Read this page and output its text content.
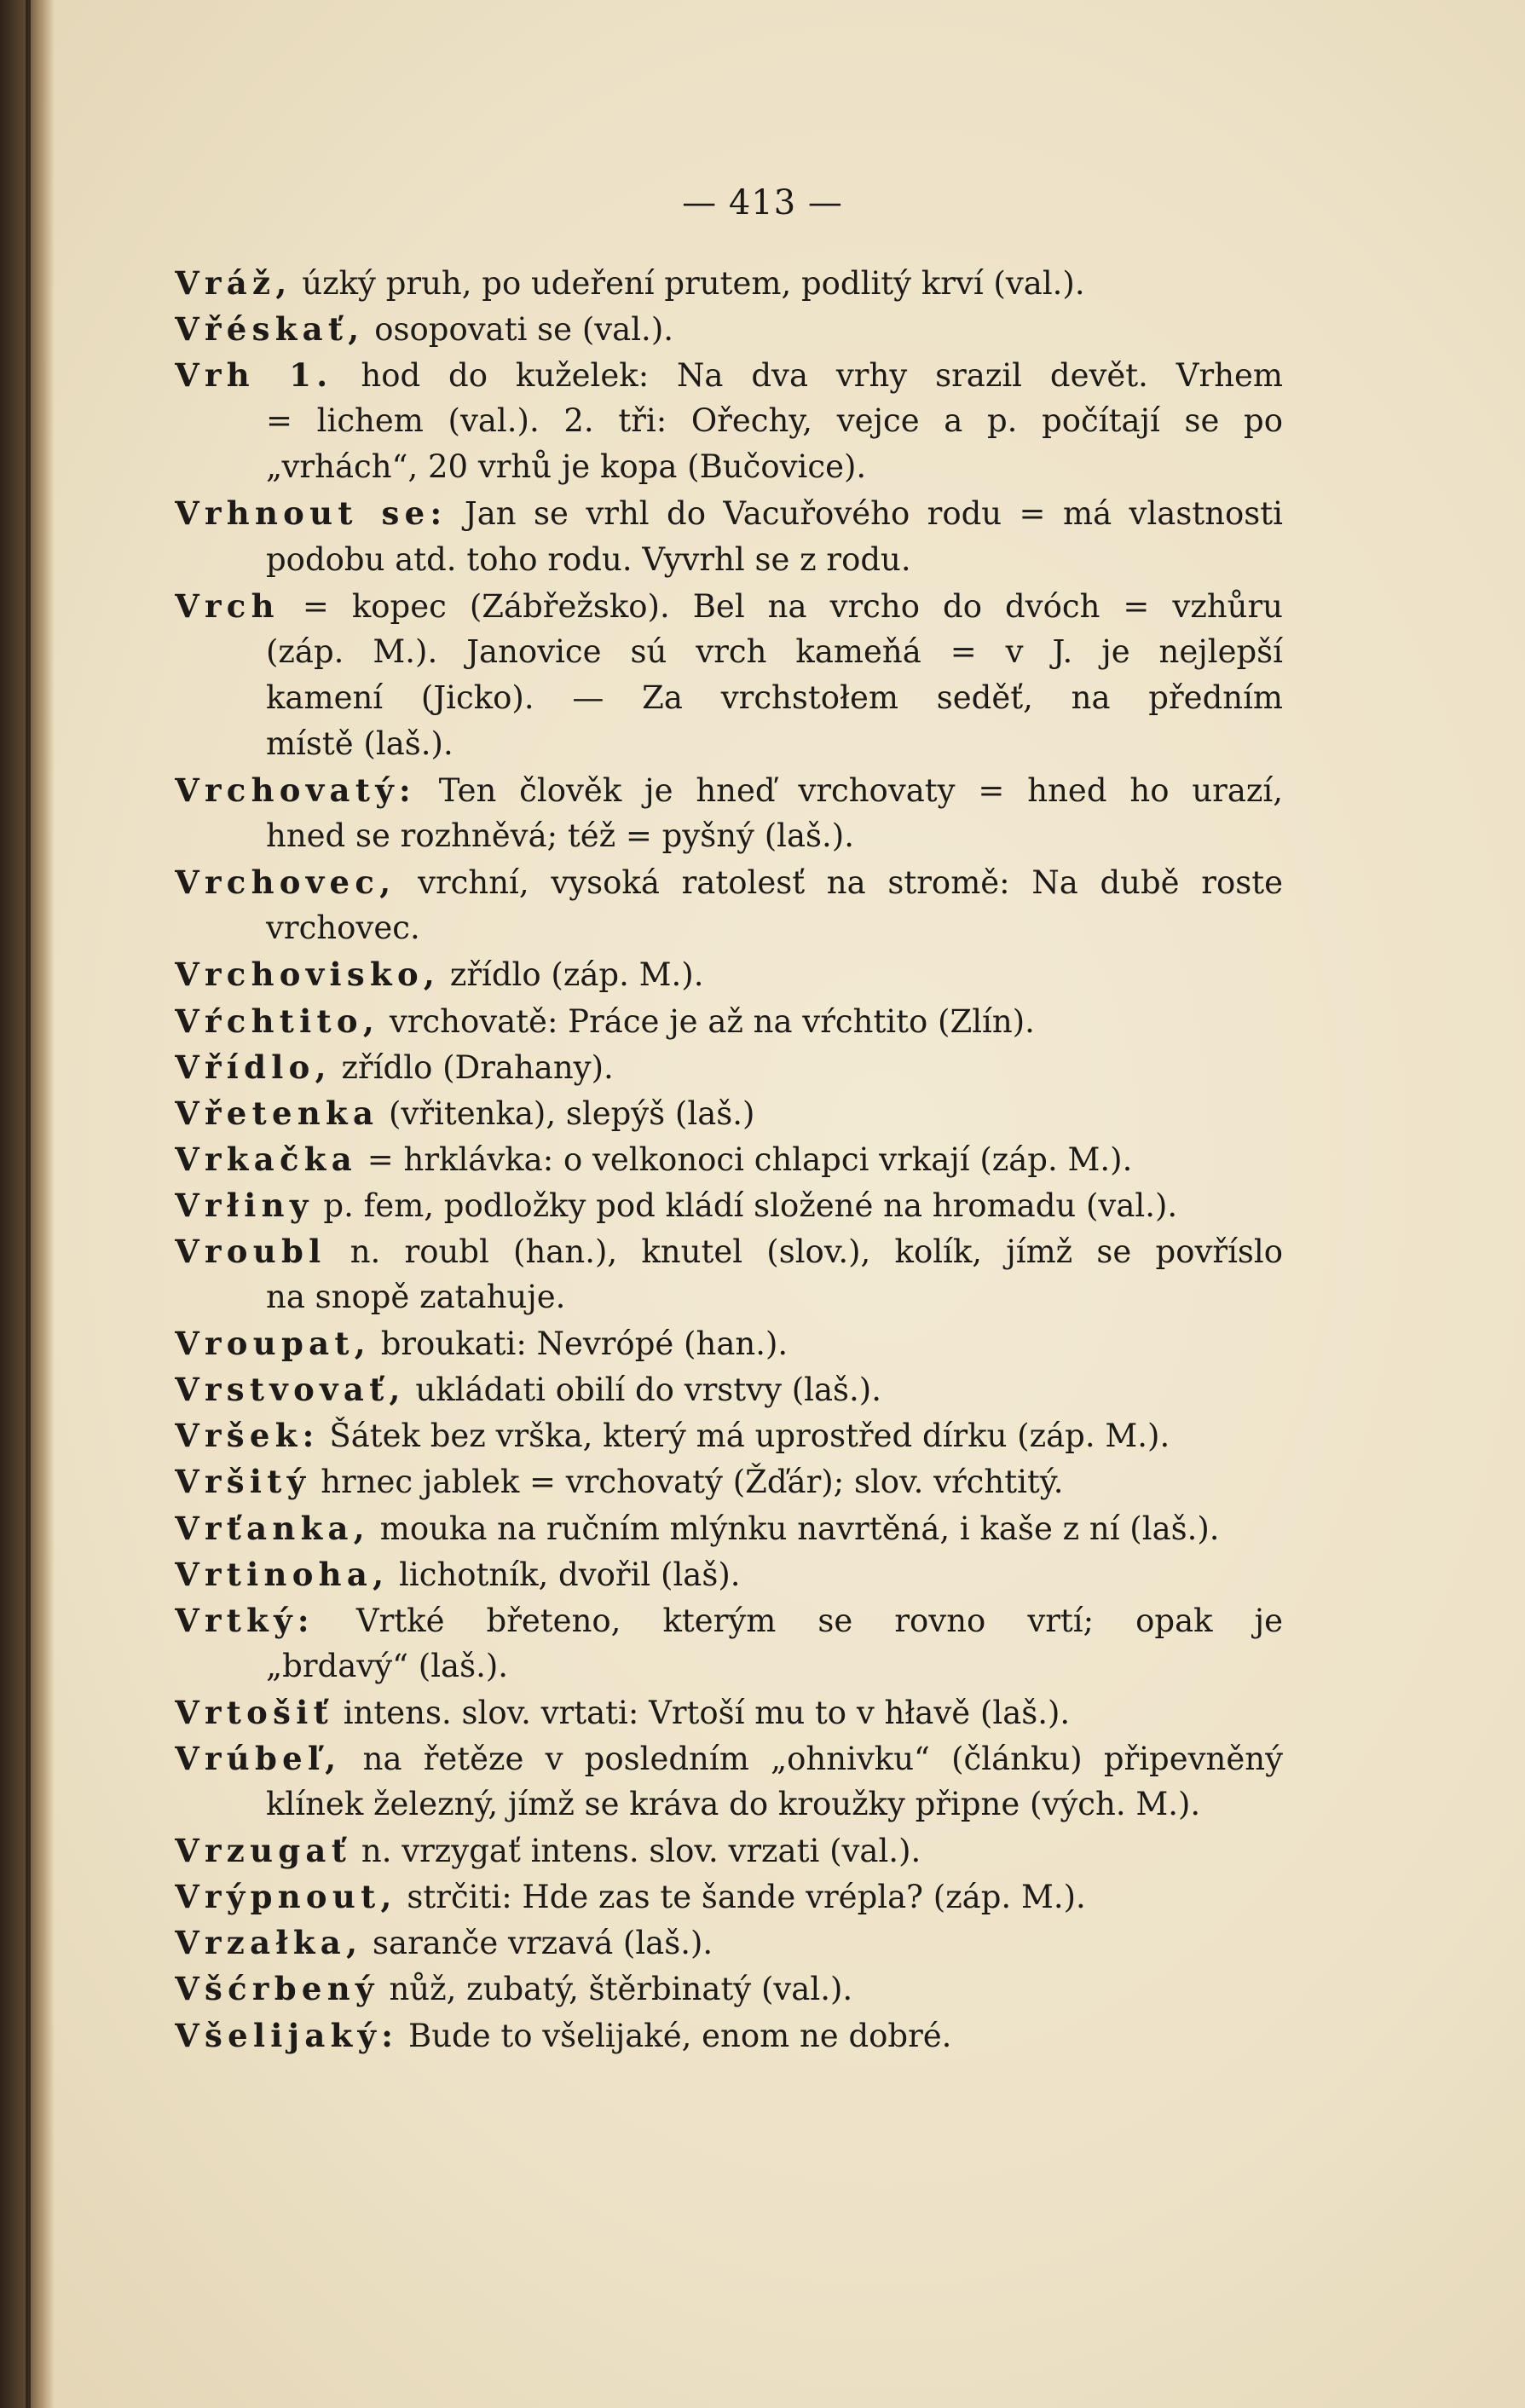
— 413 —
Vráž, úzký pruh, po udeření prutem, podlitý krví (val.).
Vřéskať, osopovati se (val.).
Vrh 1. hod do kuželek: Na dva vrhy srazil devět. Vrhem
= lichem (val.). 2. tři: Ořechy, vejce a p. počítají se po
„vrhách“, 20 vrhů je kopa (Bučovice).
Vrhnout se: Jan se vrhl do Vacuřového rodu = má vlastnosti
podobu atd. toho rodu. Vyvrhl se z rodu.
Vrch = kopec (Zábřežsko). Bel na vrcho do dvóch = vzhůru
(záp. M.). Janovice sú vrch kameňá = v J. je nejlepší
kamení (Jicko). — Za vrchstołem seděť, na předním
místě (laš.).
Vrchovatý: Ten člověk je hneď vrchovaty = hned ho urazí,
hned se rozhněvá; též = pyšný (laš.).
Vrchovec, vrchní, vysoká ratolesť na stromě: Na dubě roste
vrchovec.
Vrchovisko, zřídlo (záp. M.).
Vŕchtito, vrchovatě: Práce je až na vŕchtito (Zlín).
Vřídlo, zřídlo (Drahany).
Vřetenka (vřitenka), slepýš (laš.)
Vrkačka = hrklávka: o velkonoci chlapci vrkají (záp. M.).
Vrłiny p. fem, podložky pod kládí složené na hromadu (val.).
Vroubl n. roubl (han.), knutel (slov.), kolík, jímž se povříslo
na snopě zatahuje.
Vroupat, broukati: Nevrópé (han.).
Vrstvovať, ukládati obilí do vrstvy (laš.).
Vršek: Šátek bez vrška, který má uprostřed dírku (záp. M.).
Vršitý hrnec jablek = vrchovatý (Žďár); slov. vŕchtitý.
Vrťanka, mouka na ručním mlýnku navrtěná, i kaše z ní (laš.).
Vrtinoha, lichotník, dvořil (laš).
Vrtký: Vrtké břeteno, kterým se rovno vrtí; opak je
„brdavý“ (laš.).
Vrtošiť intens. slov. vrtati: Vrtoší mu to v hłavě (laš.).
Vrúbeľ, na řetěze v posledním „ohnivku“ (článku) připevněný
klínek železný, jímž se kráva do kroužky připne (vých. M.).
Vrzugať n. vrzygať intens. slov. vrzati (val.).
Vrýpnout, strčiti: Hde zas te šande vrépla? (záp. M.).
Vrzałka, saranče vrzavá (laš.).
Všćrbený nůž, zubatý, štěrbinatý (val.).
Všelijaký: Bude to všelijaké, enom ne dobré.
